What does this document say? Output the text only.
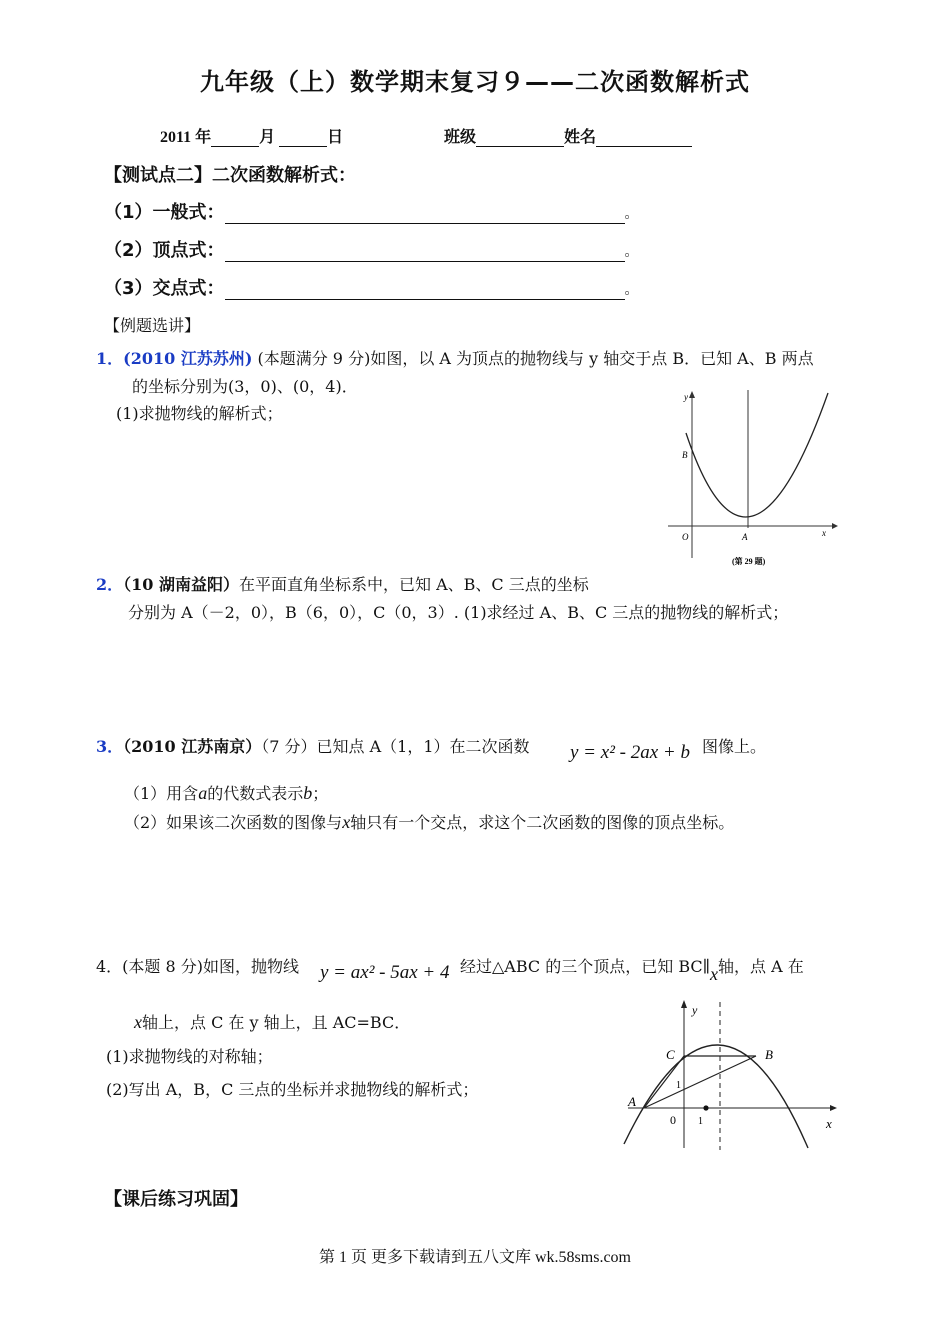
九年级（上）数学期末复习９——二次函数解析式
2011 年	月	日	班级	姓名
【测试点二】二次函数解析式：
（1）一般式：	。
（2）顶点式：	。
（3）交点式：	。
【例题选讲】
1．(2010 江苏苏州) (本题满分 9 分)如图，以 A 为顶点的抛物线与 y 轴交于点 B．已知 A、B 两点
的坐标分别为(3，0)、(0，4)．
(1)求抛物线的解析式；
y
x
B
O	A
(第 29 题)
2．（10 湖南益阳）在平面直角坐标系中，已知 A、B、C 三点的坐标
分别为 A（－2，0），B（6，0），C（0，3）. (1)求经过 A、B、C 三点的抛物线的解析式；
3．（2010 江苏南京）（7 分）已知点 A（1，1）在二次函数 y = x² - 2ax + b 图像上。
（1）用含a的代数式表示b；
（2）如果该二次函数的图像与x轴只有一个交点，求这个二次函数的图像的顶点坐标。
4．(本题 8 分)如图，抛物线 y = ax² - 5ax + 4 经过△ABC 的三个顶点，已知 BC∥x轴，点 A 在
x轴上，点 C 在 y 轴上，且 AC=BC．
(1)求抛物线的对称轴；
(2)写出 A，B，C 三点的坐标并求抛物线的解析式；
y
x
C	B
A
0 1
1
【课后练习巩固】
第 1 页 更多下载请到五八文库 wk.58sms.com
